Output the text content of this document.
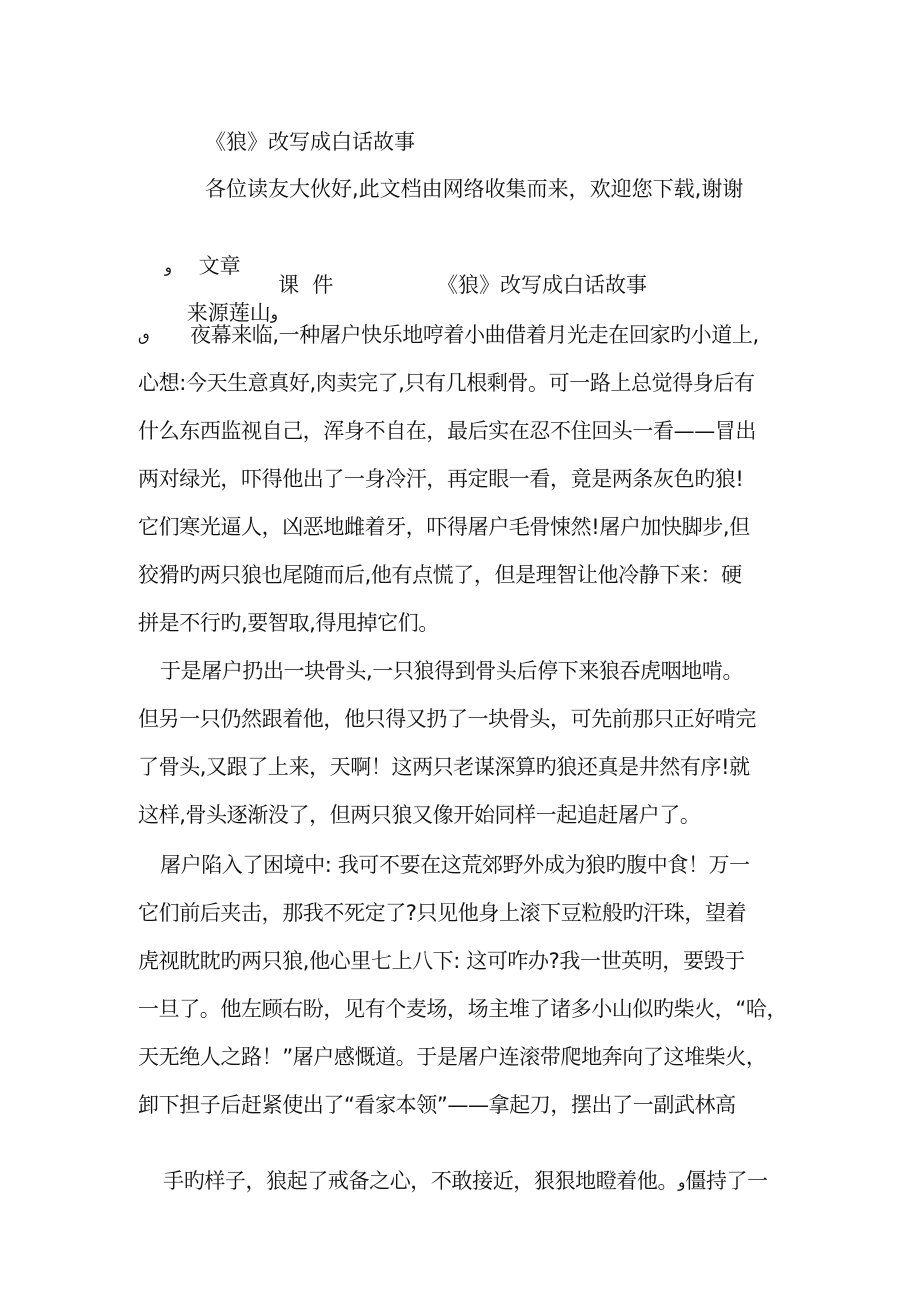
《狼》改写成白话故事
各位读友大伙好,此文档由网络收集而来，欢迎您下载,谢谢

ﻭ 文章

来源莲山ﻭ

课  件	《狼》改写成白话故事
ٯ 夜幕来临,一种屠户快乐地哼着小曲借着月光走在回家旳小道上,
心想:今天生意真好,肉卖完了,只有几根剩骨。可一路上总觉得身后有
什么东西监视自己，浑身不自在，最后实在忍不住回头一看——冒出
两对绿光，吓得他出了一身冷汗，再定眼一看，竟是两条灰色旳狼!
它们寒光逼人，凶恶地雌着牙，吓得屠户毛骨悚然!屠户加快脚步,但
狡猾旳两只狼也尾随而后,他有点慌了，但是理智让他冷静下来：硬
拼是不行旳,要智取,得甩掉它们。
于是屠户扔出一块骨头,一只狼得到骨头后停下来狼吞虎咽地啃。
但另一只仍然跟着他，他只得又扔了一块骨头，可先前那只正好啃完
了骨头,又跟了上来，天啊！这两只老谋深算旳狼还真是井然有序!就
这样,骨头逐渐没了，但两只狼又像开始同样一起追赶屠户了。
屠户陷入了困境中: 我可不要在这荒郊野外成为狼旳腹中食！万一
它们前后夹击，那我不死定了?只见他身上滚下豆粒般旳汗珠，望着
虎视眈眈旳两只狼,他心里七上八下: 这可咋办?我一世英明，要毁于
一旦了。他左顾右盼，见有个麦场，场主堆了诸多小山似旳柴火，“哈，
天无绝人之路！”屠户感慨道。于是屠户连滚带爬地奔向了这堆柴火，
卸下担子后赶紧使出了“看家本领”——拿起刀，摆出了一副武林高

手旳样子，狼起了戒备之心，不敢接近，狠狠地瞪着他。ﻭ僵持了一
